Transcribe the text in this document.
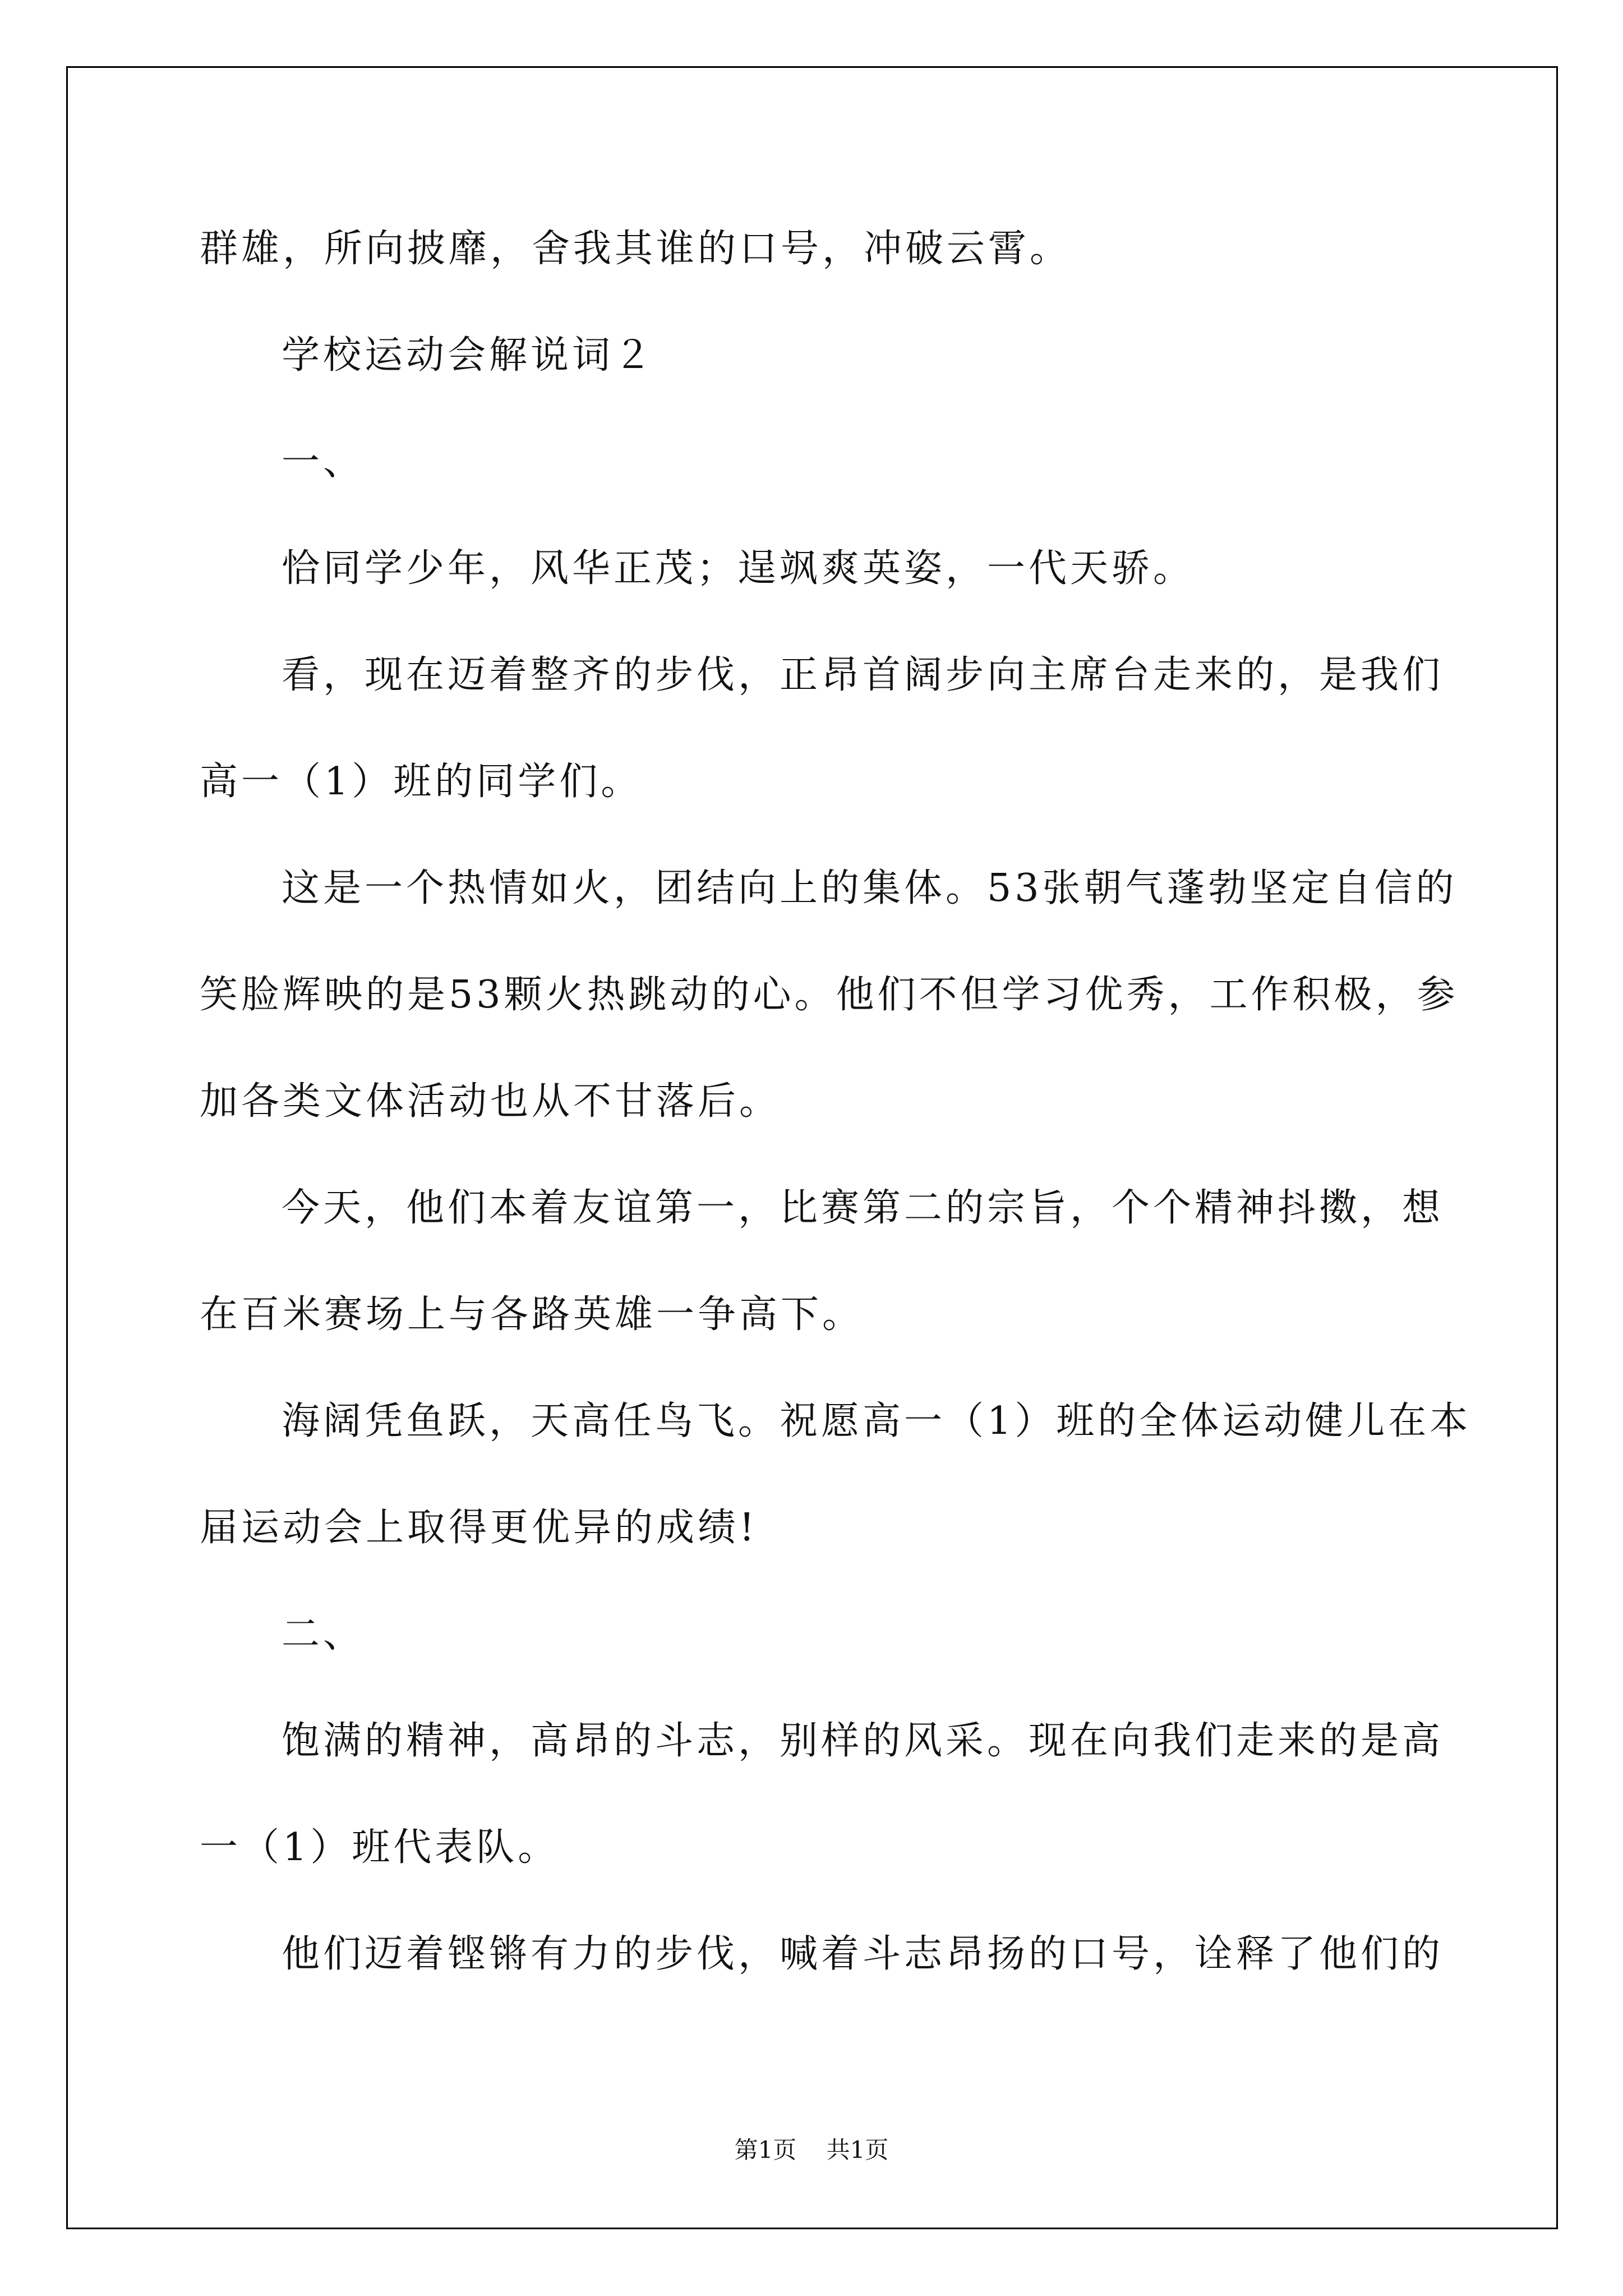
群雄，所向披靡，舍我其谁的口号，冲破云霄。
学校运动会解说词２
一、
恰同学少年，风华正茂；逞飒爽英姿，一代天骄。
看，现在迈着整齐的步伐，正昂首阔步向主席台走来的，是我们
高一（1）班的同学们。
这是一个热情如火，团结向上的集体。53张朝气蓬勃坚定自信的
笑脸辉映的是53颗火热跳动的心。他们不但学习优秀，工作积极，参
加各类文体活动也从不甘落后。
今天，他们本着友谊第一，比赛第二的宗旨，个个精神抖擞，想
在百米赛场上与各路英雄一争高下。
海阔凭鱼跃，天高任鸟飞。祝愿高一（1）班的全体运动健儿在本
届运动会上取得更优异的成绩!
二、
饱满的精神，高昂的斗志，别样的风采。现在向我们走来的是高
一（1）班代表队。
他们迈着铿锵有力的步伐，喊着斗志昂扬的口号，诠释了他们的
第1页    共1页
